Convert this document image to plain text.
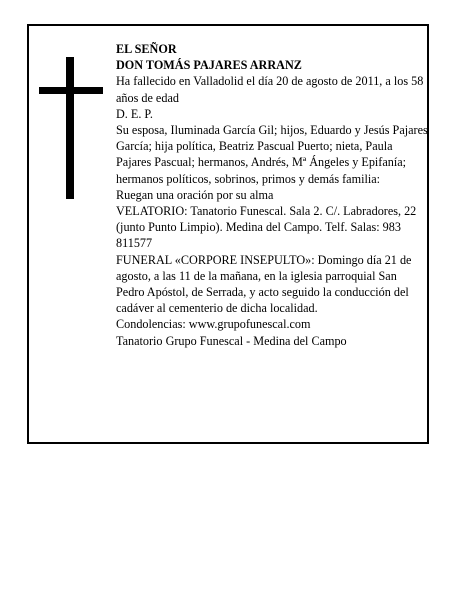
EL SEÑOR

DON TOMÁS PAJARES ARRANZ

Ha fallecido en Valladolid el día 20 de agosto de 2011, a los 58 años de edad

D. E. P.

Su esposa, Iluminada García Gil; hijos, Eduardo y Jesús Pajares García; hija política, Beatriz Pascual Puerto; nieta, Paula Pajares Pascual; hermanos, Andrés, Mª Ángeles y Epifanía; hermanos políticos, sobrinos, primos y demás familia:

Ruegan una oración por su alma

VELATORIO: Tanatorio Funescal. Sala 2. C/. Labradores, 22 (junto Punto Limpio). Medina del Campo. Telf. Salas: 983 811577

FUNERAL «CORPORE INSEPULTO»: Domingo día 21 de agosto, a las 11 de la mañana, en la iglesia parroquial San Pedro Apóstol, de Serrada, y acto seguido la conducción del cadáver al cementerio de dicha localidad.

Condolencias: www.grupofunescal.com

Tanatorio Grupo Funescal - Medina del Campo
